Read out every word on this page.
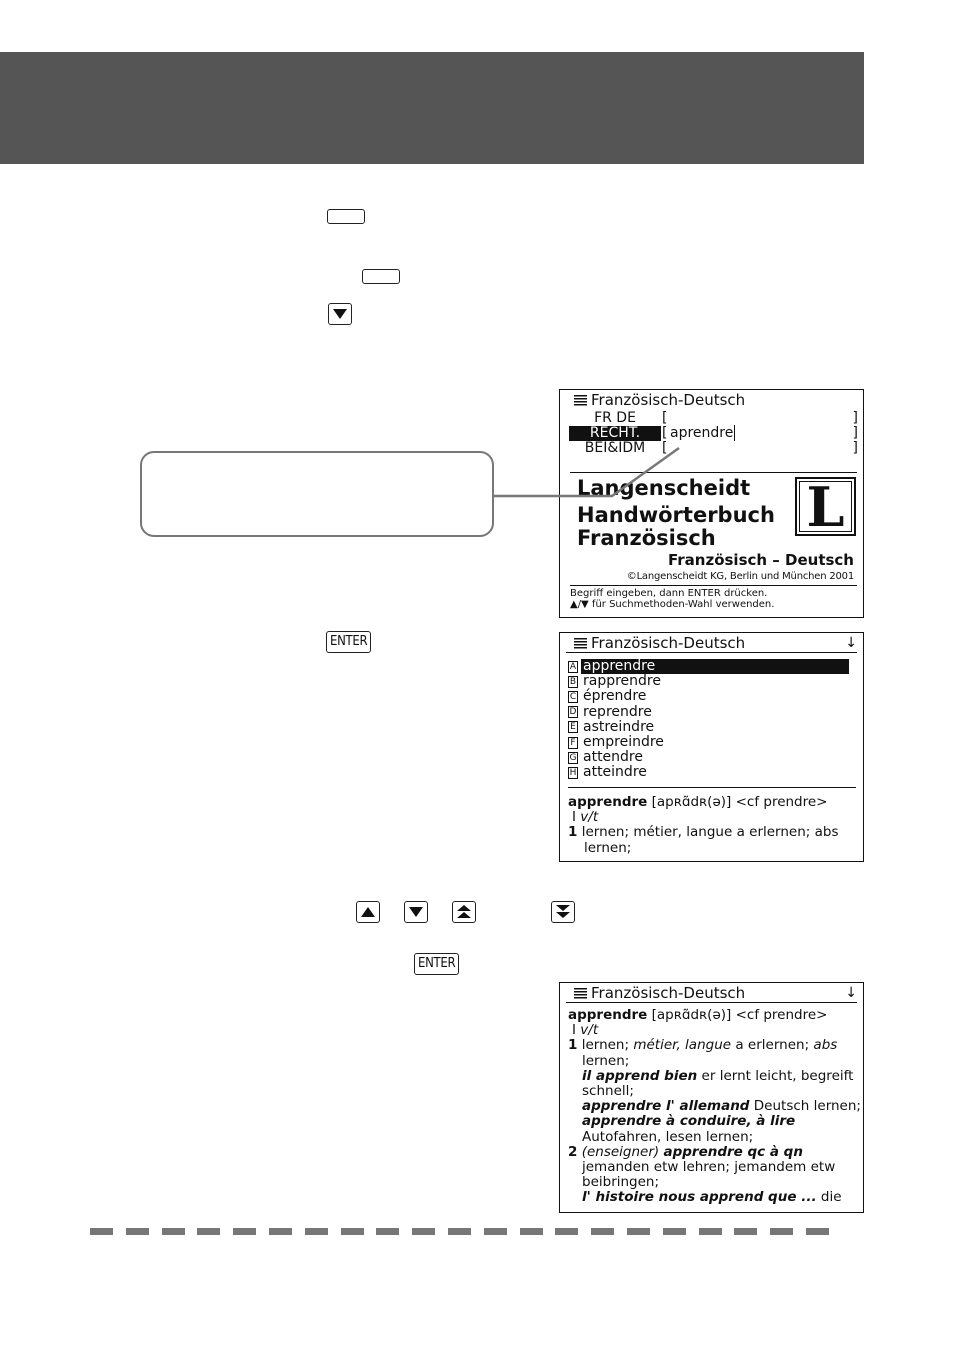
Französisch-Deutsch
FR DE	[	]
RECHT.	[ aprendre	]
BEI&IDM	[	]
Langenscheidt
Handwörterbuch
Französisch L
Französisch – Deutsch
©Langenscheidt KG, Berlin und München 2001
Begriff eingeben, dann ENTER drücken.
▲/▼ für Suchmethoden-Wahl verwenden.
ENTER	Französisch-Deutsch	↓
A apprendre
B rapprendre
C éprendre
D reprendre
E astreindre
F empreindre
G attendre
H atteindre
apprendre [apʀɑ̃dʀ(ə)] <cf prendre>
I v/t
1 lernen; métier, langue a erlernen; abs
lernen;
ENTER
Französisch-Deutsch	↓
apprendre [apʀɑ̃dʀ(ə)] <cf prendre>
I v/t
1 lernen; métier, langue a erlernen; abs
lernen;
il apprend bien er lernt leicht, begreift
schnell;
apprendre l' allemand Deutsch lernen;
apprendre à conduire, à lire
Autofahren, lesen lernen;
2 (enseigner) apprendre qc à qn
jemanden etw lehren; jemandem etw
beibringen;
l' histoire nous apprend que ... die
